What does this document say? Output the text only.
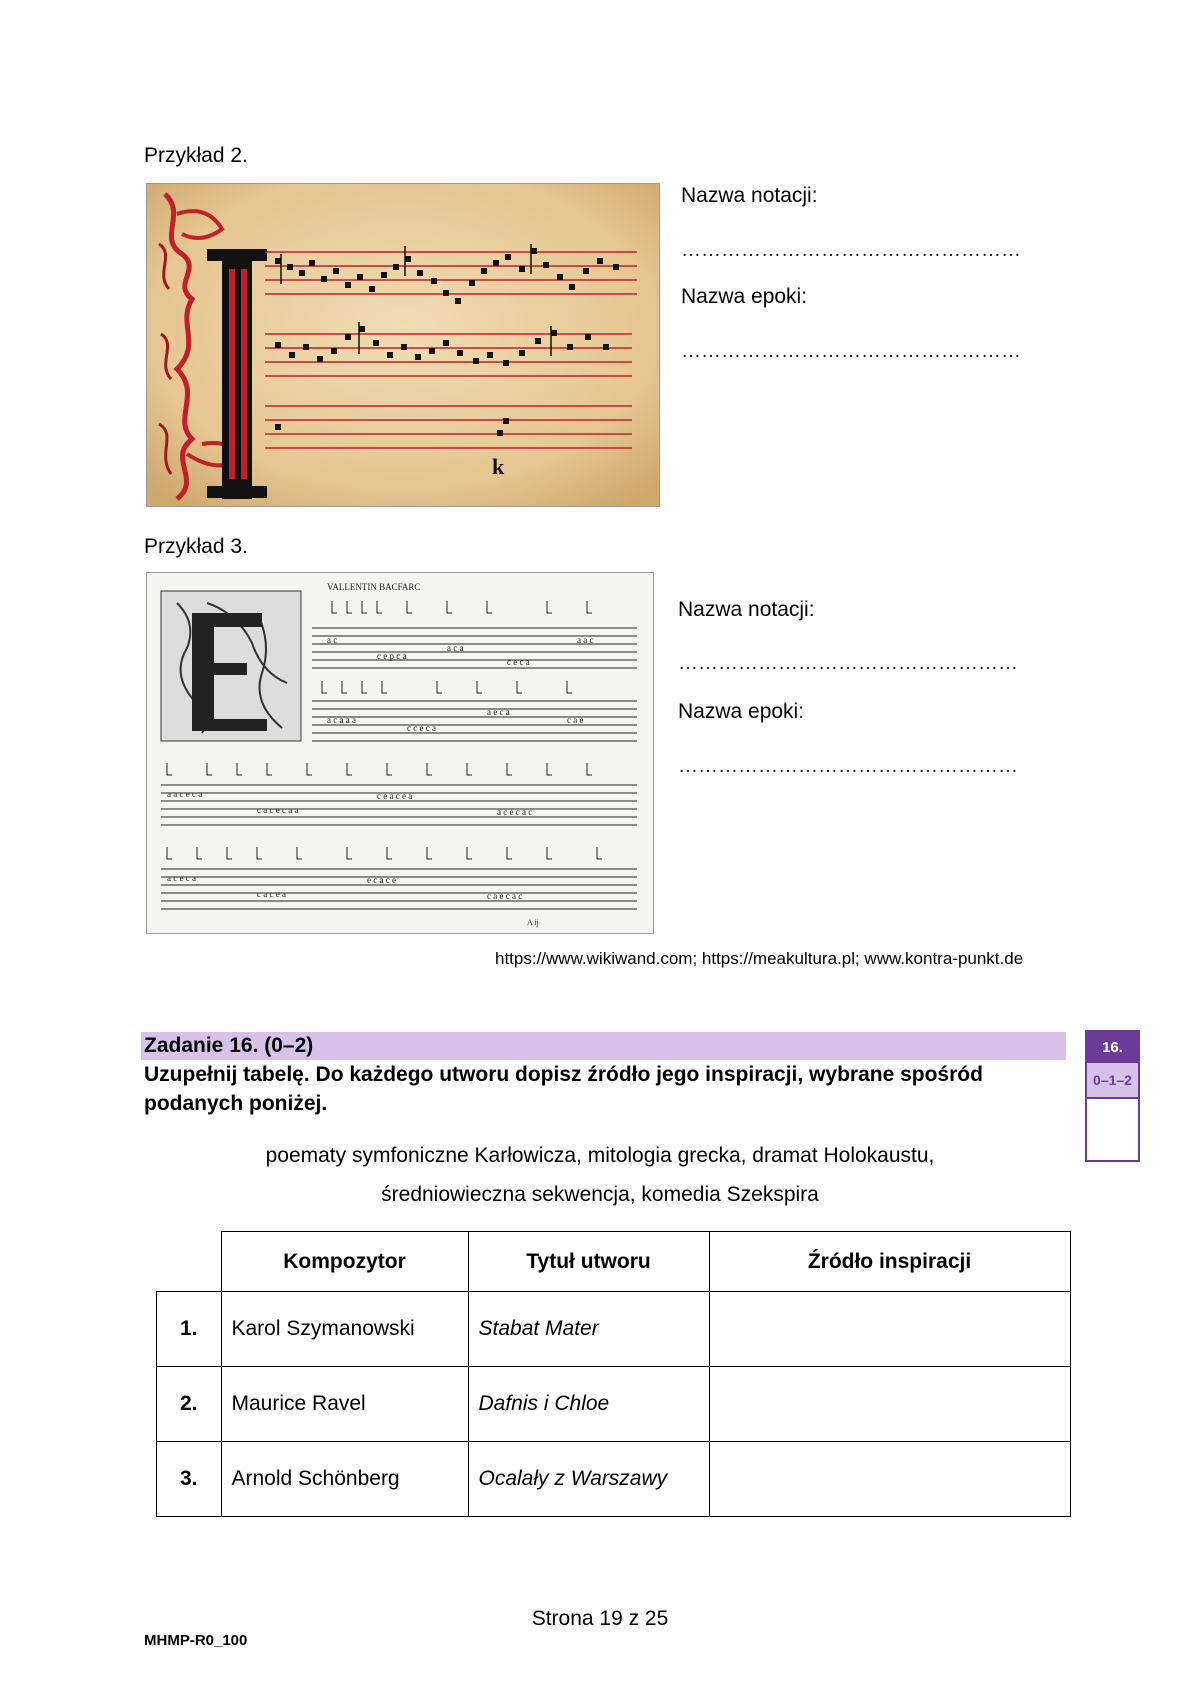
Przykład 2.
k
Nazwa notacji:
……………………………………………
Nazwa epoki:
……………………………………………
Przykład 3.
VALLENTIN BACFARC
a c
c e p c a
a c a
c e c a
a a c
a c a a a
c c e c a
a e c a
c a e
a a c e c a
c a c e c a a
c e a c e a
a c e c a c
a c e c a
c a c e a
e c a c e
c a e c a c
A ij
Nazwa notacji:
……………………………………………
Nazwa epoki:
……………………………………………
https://www.wikiwand.com; https://meakultura.pl; www.kontra-punkt.de
Zadanie 16. (0–2)	16.
0–1–2
Uzupełnij tabelę. Do każdego utworu dopisz źródło jego inspiracji, wybrane spośród
podanych poniżej.
poematy symfoniczne Karłowicza, mitologia grecka, dramat Holokaustu,
średniowieczna sekwencja, komedia Szekspira
	Kompozytor	Tytuł utworu	Źródło inspiracji
1.	Karol Szymanowski	Stabat Mater	
2.	Maurice Ravel	Dafnis i Chloe	
3.	Arnold Schönberg	Ocalały z Warszawy	
Strona 19 z 25
MHMP-R0_100
